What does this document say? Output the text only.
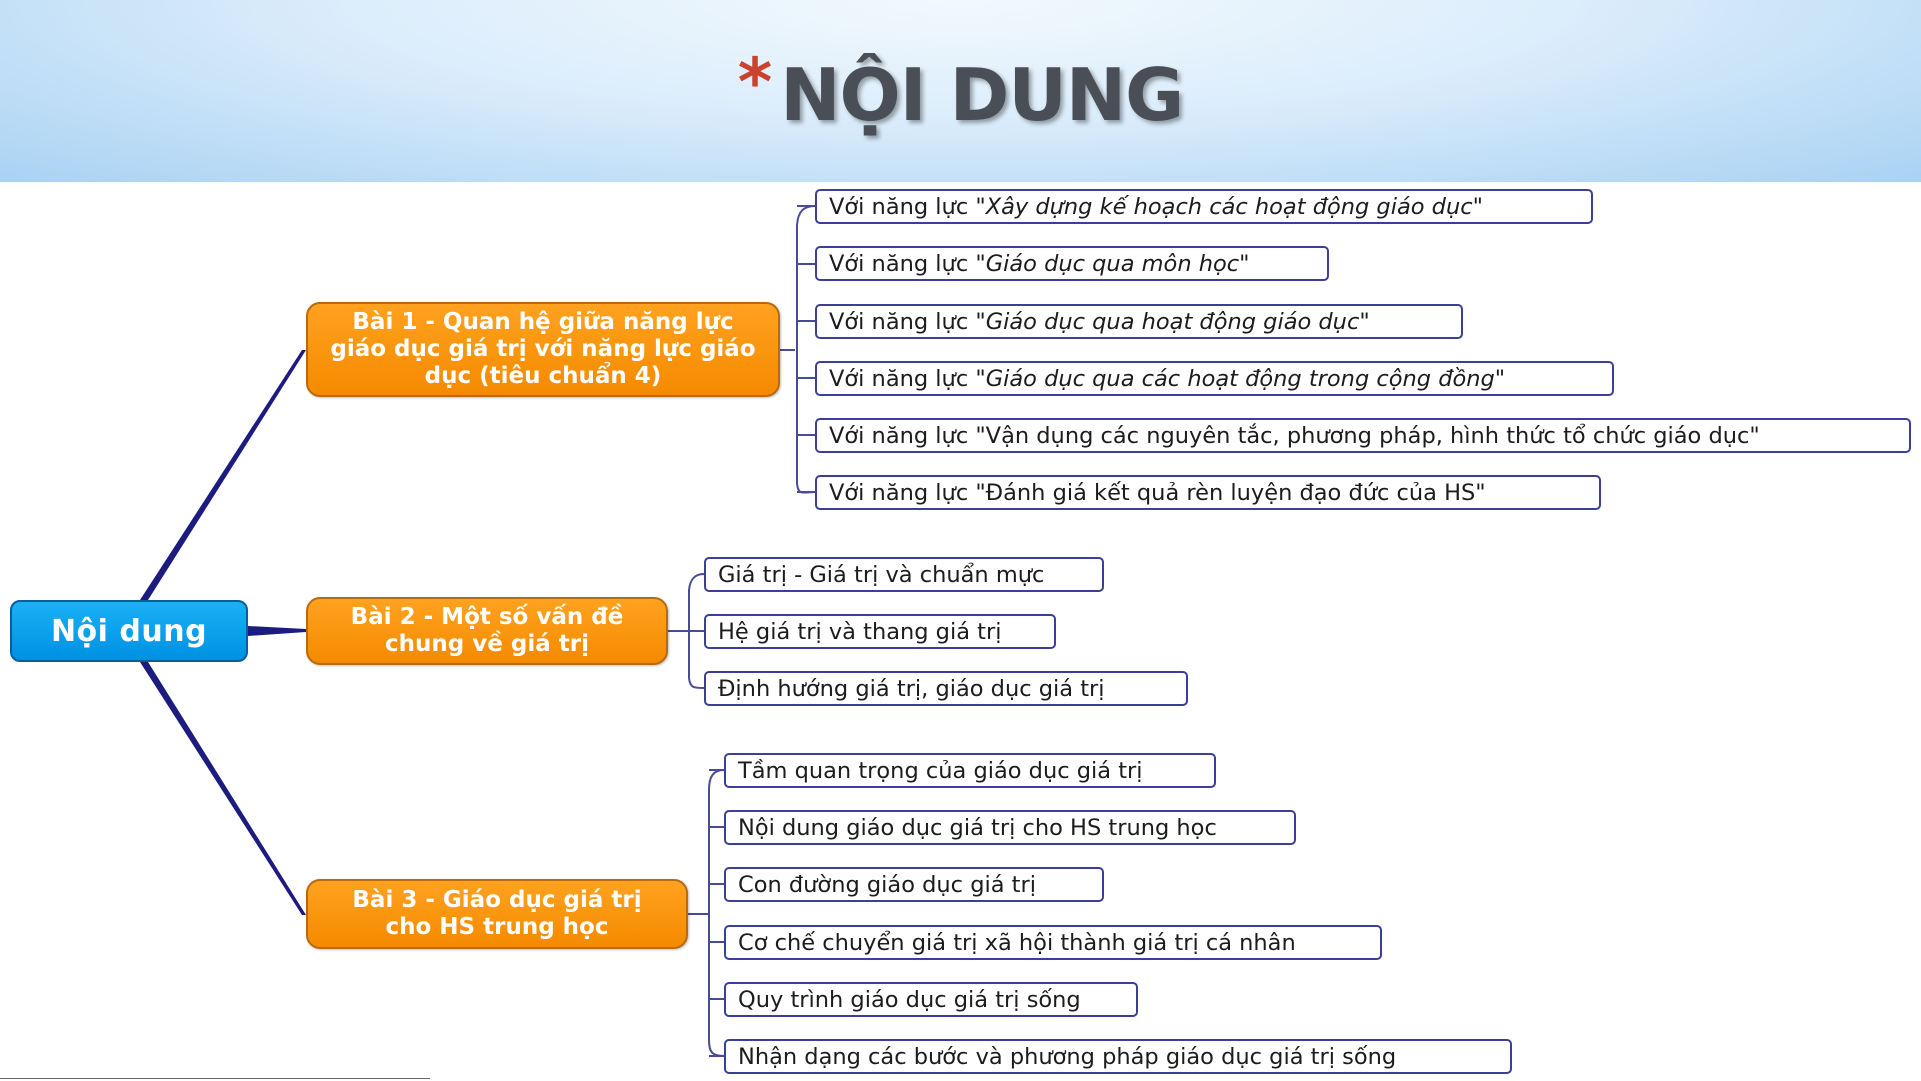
* NỘI DUNG
Nội dung
Bài 1 - Quan hệ giữa năng lực giáo dục giá trị với năng lực giáo dục (tiêu chuẩn 4)
Bài 2 - Một số vấn đề chung về giá trị
Bài 3 - Giáo dục giá trị cho HS trung học
Với năng lực "Xây dựng kế hoạch các hoạt động giáo dục"
Với năng lực "Giáo dục qua môn học"
Với năng lực "Giáo dục qua hoạt động giáo dục"
Với năng lực "Giáo dục qua các hoạt động trong cộng đồng"
Với năng lực "Vận dụng các nguyên tắc, phương pháp, hình thức tổ chức giáo dục"
Với năng lực "Đánh giá kết quả rèn luyện đạo đức của HS"
Giá trị - Giá trị và chuẩn mực
Hệ giá trị và thang giá trị
Định hướng giá trị, giáo dục giá trị
Tầm quan trọng của giáo dục giá trị
Nội dung giáo dục giá trị cho HS trung học
Con đường giáo dục giá trị
Cơ chế chuyển giá trị xã hội thành giá trị cá nhân
Quy trình giáo dục giá trị sống
Nhận dạng các bước và phương pháp giáo dục giá trị sống
